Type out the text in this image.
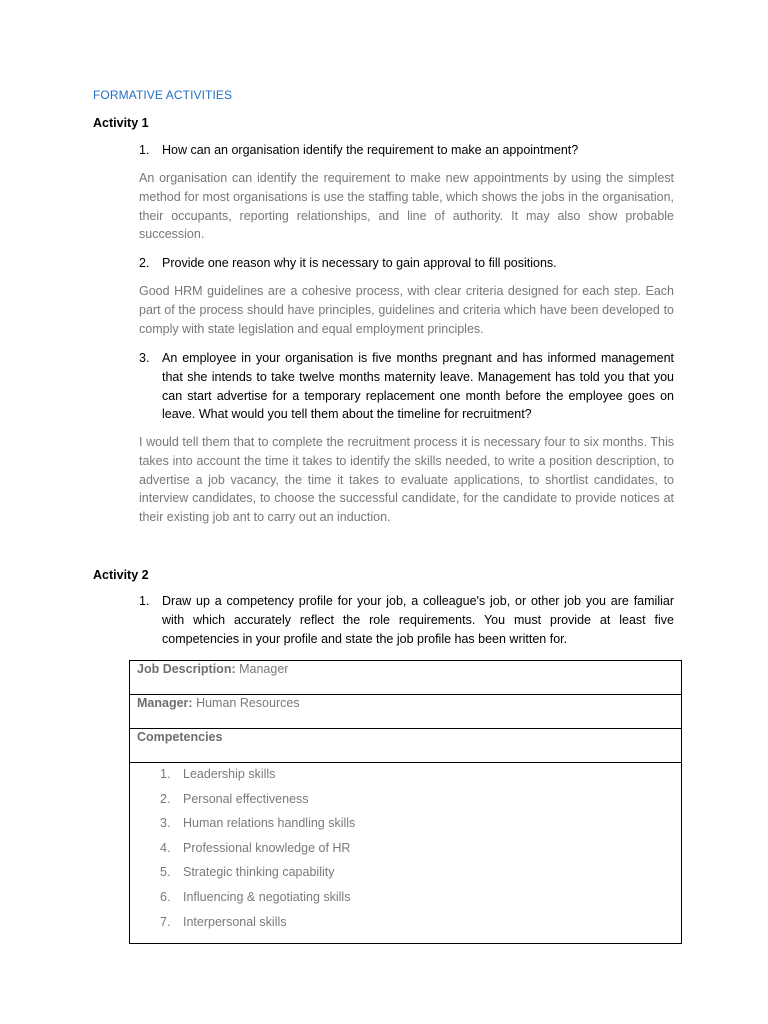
FORMATIVE ACTIVITIES
Activity 1
1. How can an organisation identify the requirement to make an appointment?
An organisation can identify the requirement to make new appointments by using the simplest method for most organisations is use the staffing table, which shows the jobs in the organisation, their occupants, reporting relationships, and line of authority. It may also show probable succession.
2. Provide one reason why it is necessary to gain approval to fill positions.
Good HRM guidelines are a cohesive process, with clear criteria designed for each step. Each part of the process should have principles, guidelines and criteria which have been developed to comply with state legislation and equal employment principles.
3. An employee in your organisation is five months pregnant and has informed management that she intends to take twelve months maternity leave. Management has told you that you can start advertise for a temporary replacement one month before the employee goes on leave. What would you tell them about the timeline for recruitment?
I would tell them that to complete the recruitment process it is necessary four to six months. This takes into account the time it takes to identify the skills needed, to write a position description, to advertise a job vacancy, the time it takes to evaluate applications, to shortlist candidates, to interview candidates, to choose the successful candidate, for the candidate to provide notices at their existing job ant to carry out an induction.
Activity 2
1. Draw up a competency profile for your job, a colleague's job, or other job you are familiar with which accurately reflect the role requirements. You must provide at least five competencies in your profile and state the job profile has been written for.
Job Description: Manager
Manager: Human Resources
Competencies

1. Leadership skills
2. Personal effectiveness
3. Human relations handling skills
4. Professional knowledge of HR
5. Strategic thinking capability
6. Influencing & negotiating skills
7. Interpersonal skills
